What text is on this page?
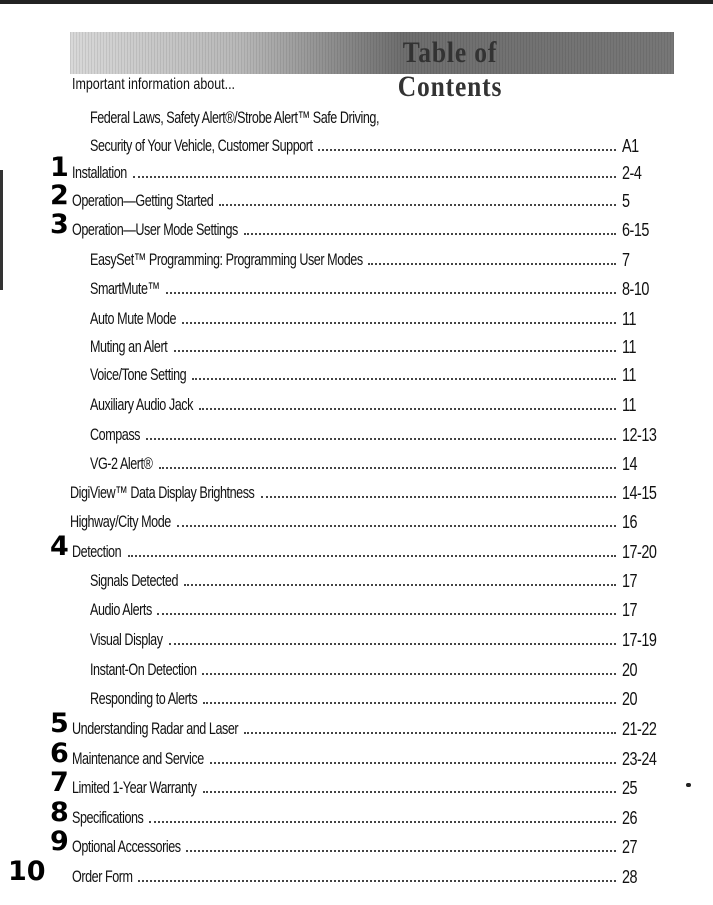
Table of Contents
Important information about...
Federal Laws, Safety Alert®/Strobe Alert™ Safe Driving,
Security of Your Vehicle, Customer Support	A1
1 Installation	2-4
2 Operation—Getting Started	5
3 Operation—User Mode Settings	6-15
EasySet™ Programming: Programming User Modes	7
SmartMute™	8-10
Auto Mute Mode	11
Muting an Alert	11
Voice/Tone Setting	11
Auxiliary Audio Jack	11
Compass	12-13
VG-2 Alert®	14
DigiView™ Data Display Brightness	14-15
Highway/City Mode	16
4 Detection	17-20
Signals Detected	17
Audio Alerts	17
Visual Display	17-19
Instant-On Detection	20
Responding to Alerts	20
5 Understanding Radar and Laser	21-22
6 Maintenance and Service	23-24
7 Limited 1-Year Warranty	25
8 Specifications	26
9 Optional Accessories	27
10 Order Form	28
